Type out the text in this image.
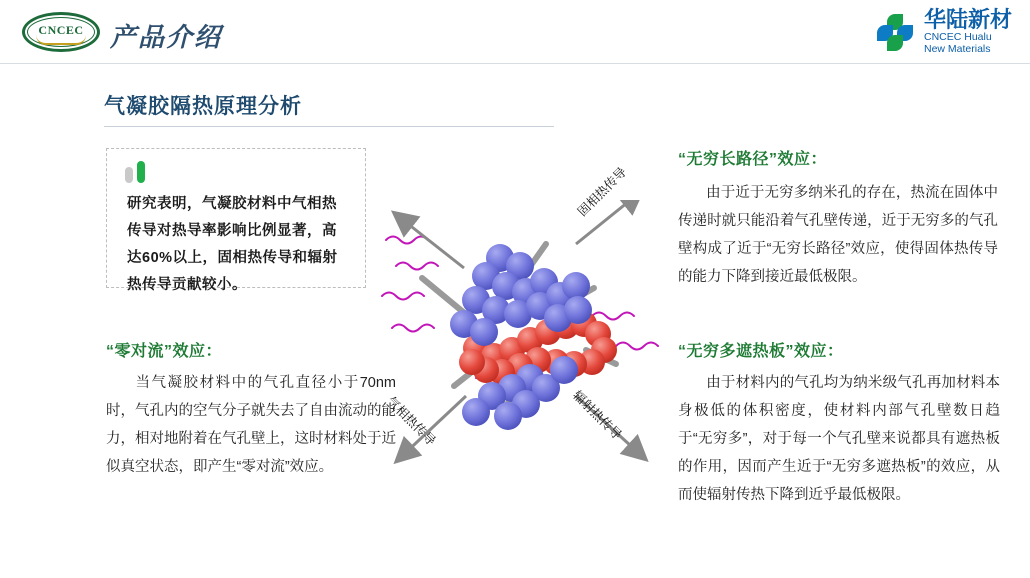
CNCEC	产品介绍
华陆新材
CNCEC Hualu
New Materials
气凝胶隔热原理分析
研究表明，气凝胶材料中气相热传导对热导率影响比例显著，高达60%以上，固相热传导和辐射热传导贡献较小。
“零对流”效应：
当气凝胶材料中的气孔直径小于70nm时，气孔内的空气分子就失去了自由流动的能力，相对地附着在气孔壁上，这时材料处于近似真空状态，即产生“零对流”效应。
“无穷长路径”效应：
由于近于无穷多纳米孔的存在，热流在固体中传递时就只能沿着气孔壁传递，近于无穷多的气孔壁构成了近于“无穷长路径”效应，使得固体热传导的能力下降到接近最低极限。
“无穷多遮热板”效应：
由于材料内的气孔均为纳米级气孔再加材料本身极低的体积密度，使材料内部气孔壁数日趋于“无穷多”，对于每一个气孔壁来说都具有遮热板的作用，因而产生近于“无穷多遮热板”的效应，从而使辐射传热下降到近乎最低极限。
固相热传导
气相热传导	辐射热传导
